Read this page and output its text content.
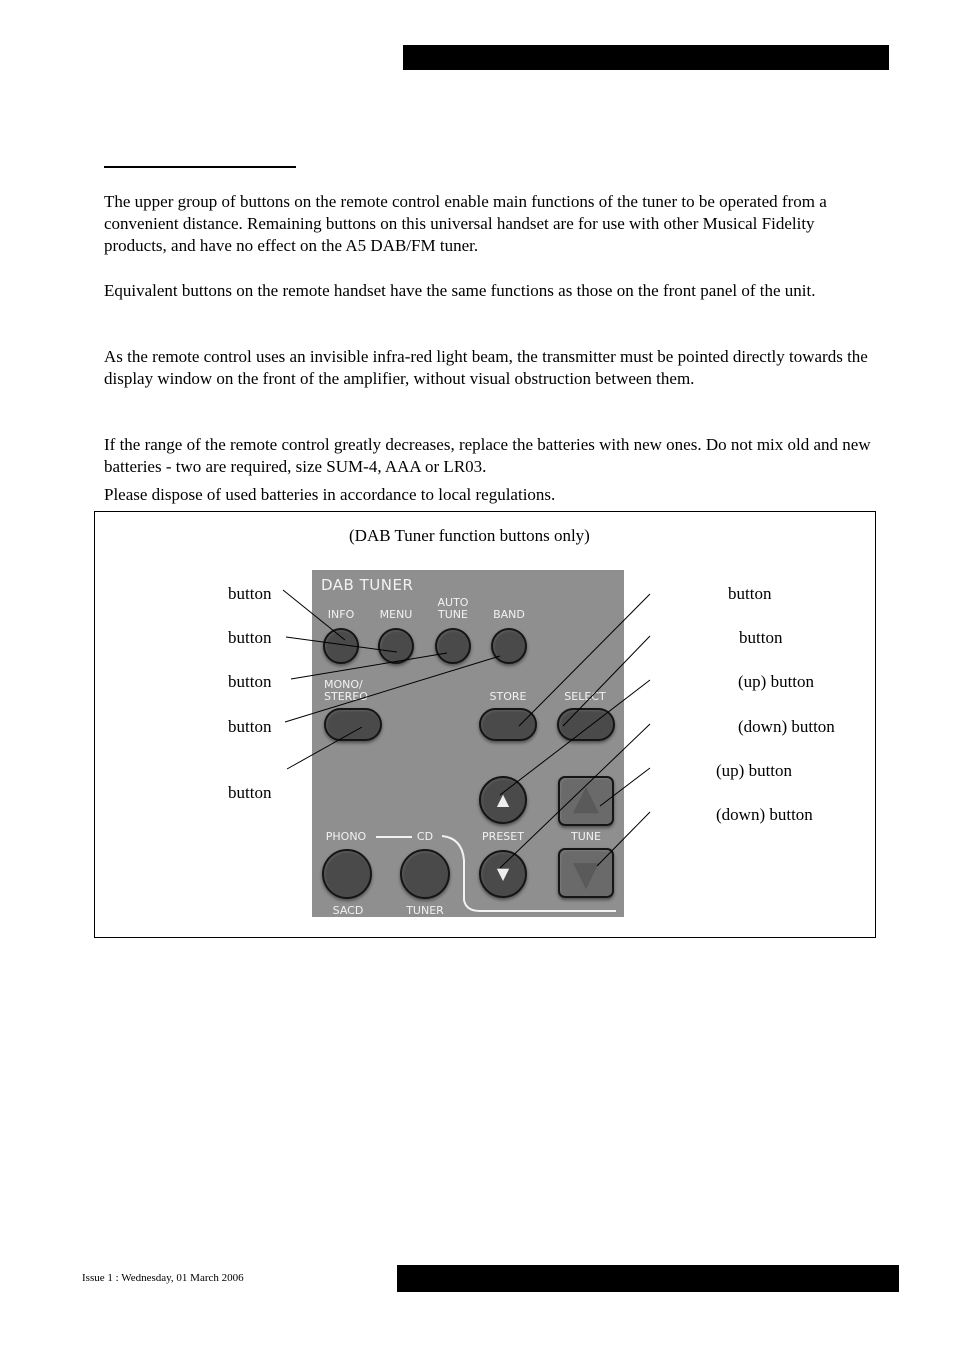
The upper group of buttons on the remote control enable main functions of the tuner to be operated from a convenient distance. Remaining buttons on this universal handset are for use with other Musical Fidelity products, and have no effect on the A5 DAB/FM tuner.

Equivalent buttons on the remote handset have the same functions as those on the front panel of the unit.

As the remote control uses an invisible infra-red light beam, the transmitter must be pointed directly towards the display window on the front of the amplifier, without visual obstruction between them.

If the range of the remote control greatly decreases, replace the batteries with new ones. Do not mix old and new batteries - two are required, size SUM-4, AAA or LR03.

Please dispose of used batteries in accordance to local regulations.

(DAB Tuner function buttons only)
button
button
button
button
button
button
button
(up) button
(down) button
(up) button
(down) button
DAB TUNER
INFO	MENU
AUTO
TUNE	BAND
MONO/
STEREO	STORE	SELECT
▲	▲
PHONO	CD	PRESET	TUNE
▼	▼
SACD	TUNER
Issue 1 : Wednesday, 01 March 2006
